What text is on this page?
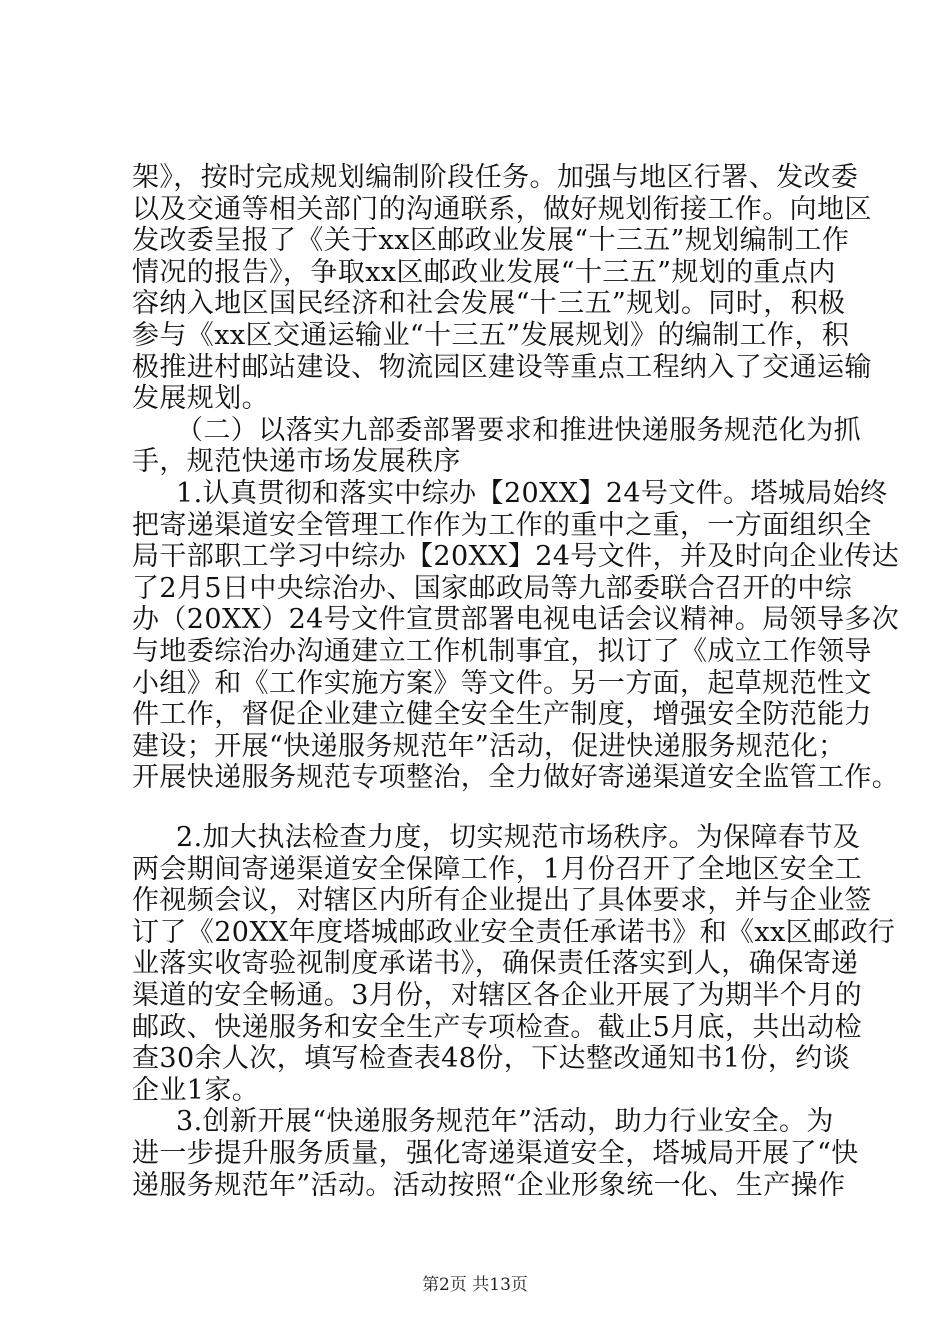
架》，按时完成规划编制阶段任务。加强与地区行署、发改委
以及交通等相关部门的沟通联系，做好规划衔接工作。向地区
发改委呈报了《关于xx区邮政业发展“十三五”规划编制工作
情况的报告》，争取xx区邮政业发展“十三五”规划的重点内
容纳入地区国民经济和社会发展“十三五”规划。同时，积极
参与《xx区交通运输业“十三五”发展规划》的编制工作，积
极推进村邮站建设、物流园区建设等重点工程纳入了交通运输
发展规划。
（二）以落实九部委部署要求和推进快递服务规范化为抓
手，规范快递市场发展秩序
1.认真贯彻和落实中综办【20XX】24号文件。塔城局始终
把寄递渠道安全管理工作作为工作的重中之重，一方面组织全
局干部职工学习中综办【20XX】24号文件，并及时向企业传达
了2月5日中央综治办、国家邮政局等九部委联合召开的中综
办（20XX）24号文件宣贯部署电视电话会议精神。局领导多次
与地委综治办沟通建立工作机制事宜，拟订了《成立工作领导
小组》和《工作实施方案》等文件。另一方面，起草规范性文
件工作，督促企业建立健全安全生产制度，增强安全防范能力
建设；开展“快递服务规范年”活动，促进快递服务规范化；
开展快递服务规范专项整治，全力做好寄递渠道安全监管工作。
2.加大执法检查力度，切实规范市场秩序。为保障春节及
两会期间寄递渠道安全保障工作，1月份召开了全地区安全工
作视频会议，对辖区内所有企业提出了具体要求，并与企业签
订了《20XX年度塔城邮政业安全责任承诺书》和《xx区邮政行
业落实收寄验视制度承诺书》，确保责任落实到人，确保寄递
渠道的安全畅通。3月份，对辖区各企业开展了为期半个月的
邮政、快递服务和安全生产专项检查。截止5月底，共出动检
查30余人次，填写检查表48份，下达整改通知书1份，约谈
企业1家。
3.创新开展“快递服务规范年”活动，助力行业安全。为
进一步提升服务质量，强化寄递渠道安全，塔城局开展了“快
递服务规范年”活动。活动按照“企业形象统一化、生产操作
第2页 共13页
